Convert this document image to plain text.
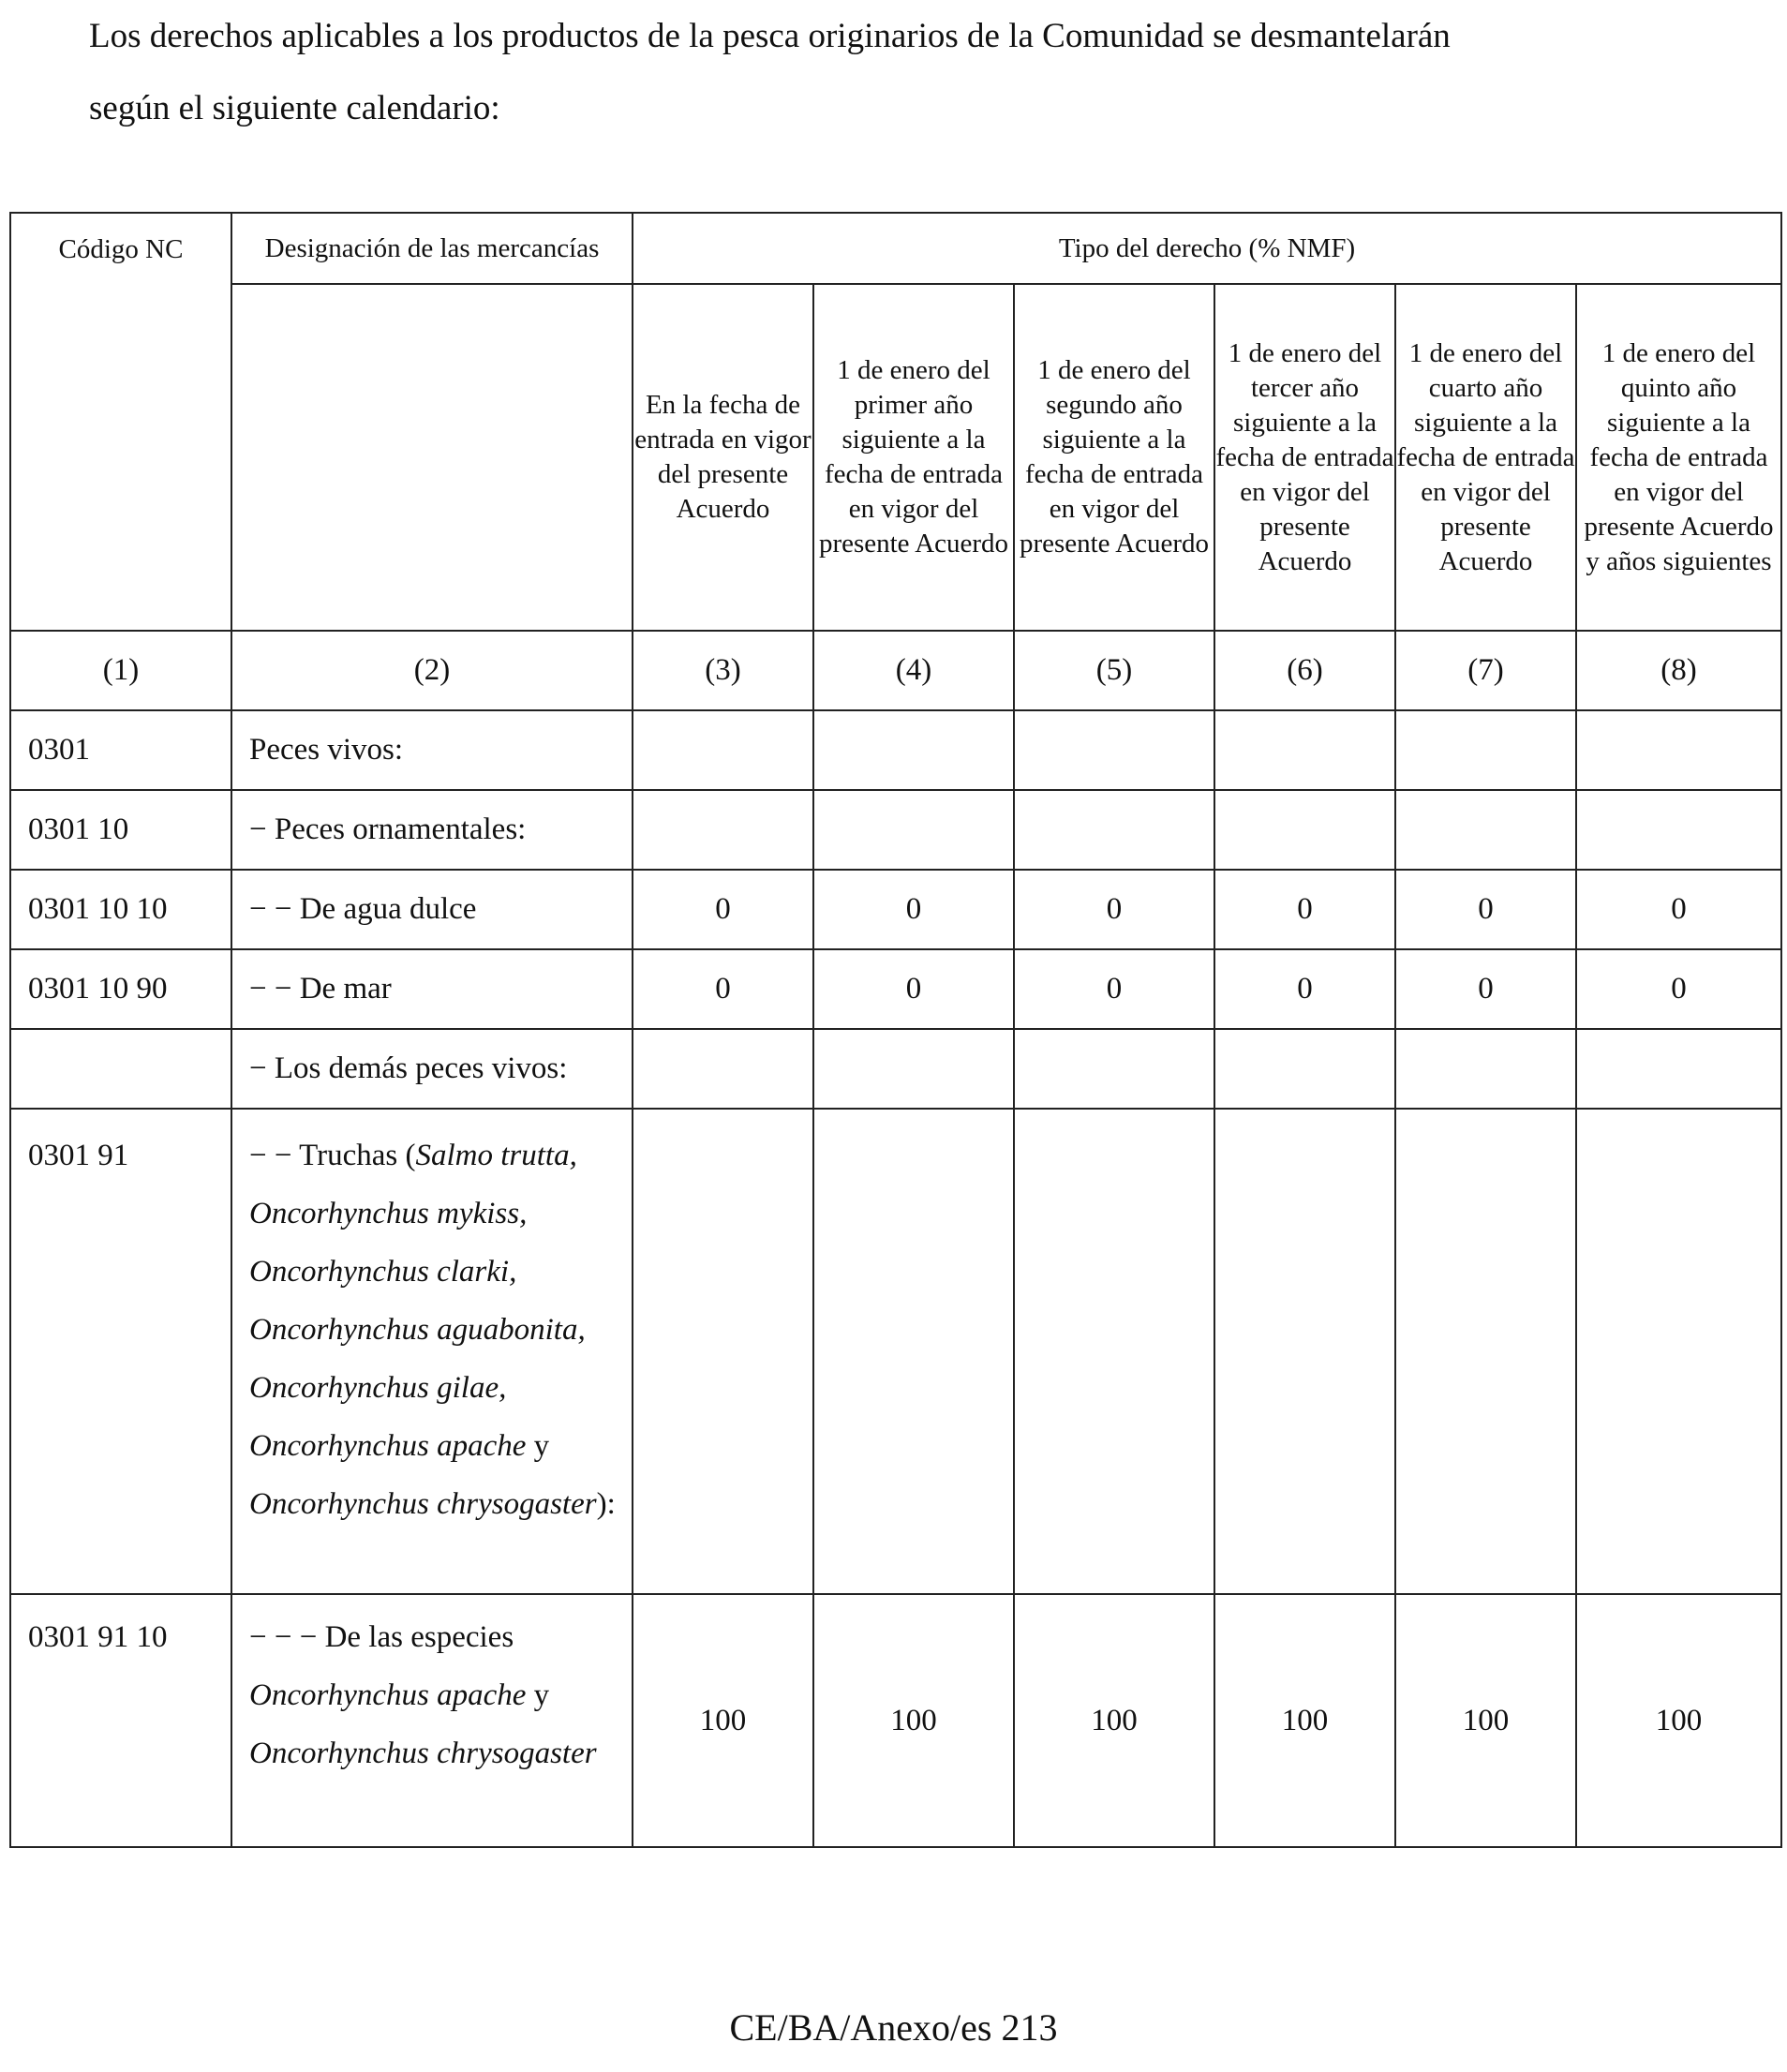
Los derechos aplicables a los productos de la pesca originarios de la Comunidad se desmantelarán
según el siguiente calendario:

Código NC	Designación de las mercancías	Tipo del derecho (% NMF)					
		En la fecha de entrada en vigor del presente Acuerdo	1 de enero del primer año siguiente a la fecha de entrada en vigor del presente Acuerdo	1 de enero del segundo año siguiente a la fecha de entrada en vigor del presente Acuerdo	1 de enero del tercer año siguiente a la fecha de entrada en vigor del presente Acuerdo	1 de enero del cuarto año siguiente a la fecha de entrada en vigor del presente Acuerdo	1 de enero del quinto año siguiente a la fecha de entrada en vigor del presente Acuerdo y años siguientes
(1)	(2)	(3)	(4)	(5)	(6)	(7)	(8)
0301	Peces vivos:						
0301 10	− Peces ornamentales:						
0301 10 10	− − De agua dulce	0	0	0	0	0	0
0301 10 90	− − De mar	0	0	0	0	0	0
	− Los demás peces vivos:						
0301 91	− − Truchas (Salmo trutta, Oncorhynchus mykiss, Oncorhynchus clarki, Oncorhynchus aguabonita, Oncorhynchus gilae, Oncorhynchus apache y Oncorhynchus chrysogaster):						
0301 91 10	− − − De las especies Oncorhynchus apache y Oncorhynchus chrysogaster	100	100	100	100	100	100
CE/BA/Anexo/es 213
